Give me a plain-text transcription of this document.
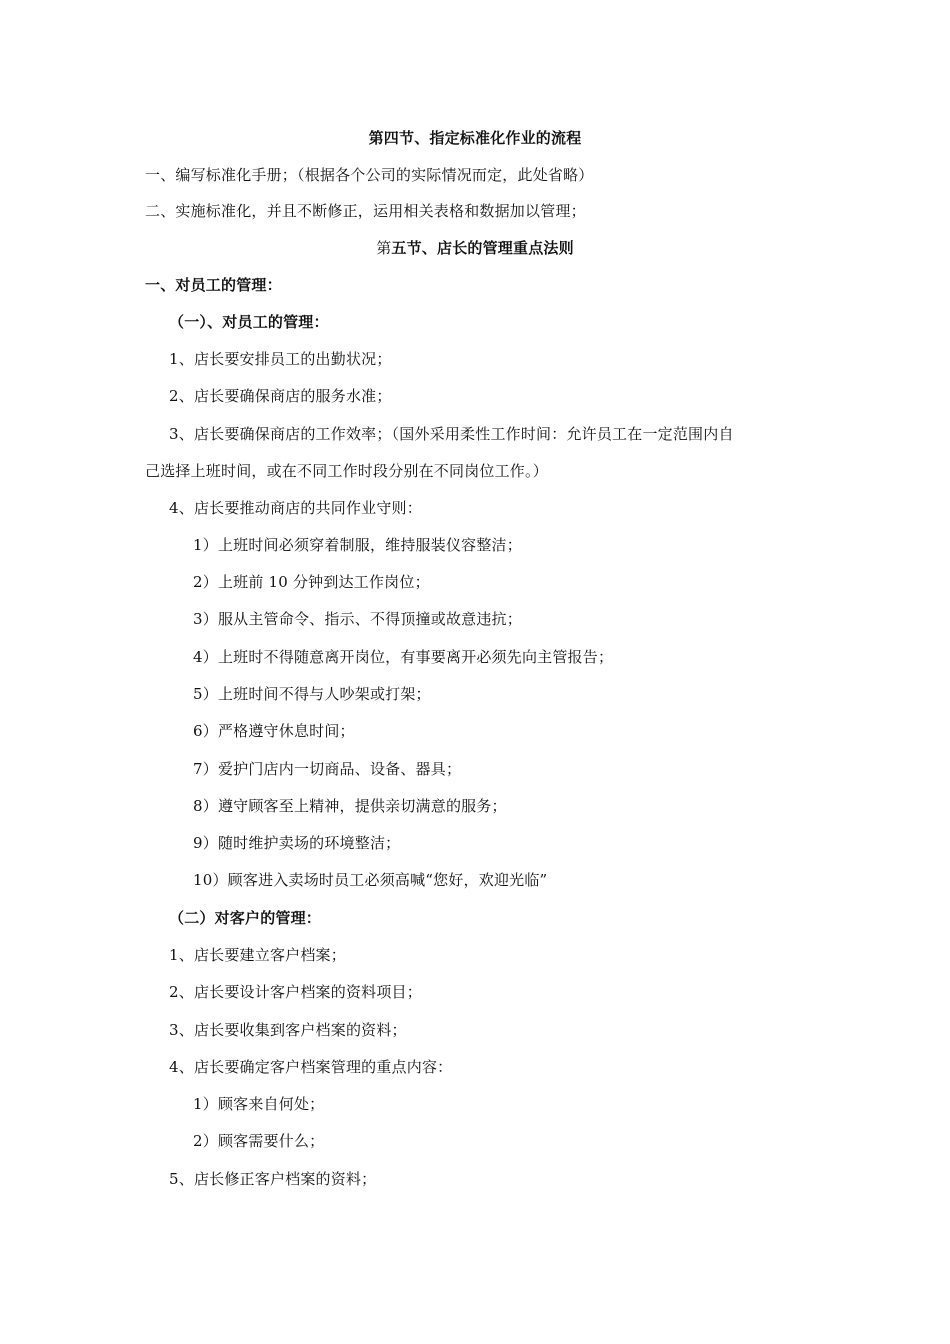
第四节、指定标准化作业的流程
一、编写标准化手册；（根据各个公司的实际情况而定，此处省略）
二、实施标准化，并且不断修正，运用相关表格和数据加以管理；
第五节、店长的管理重点法则
一、对员工的管理：
（一）、对员工的管理：
1、店长要安排员工的出勤状况；
2、店长要确保商店的服务水准；
3、店长要确保商店的工作效率；（国外采用柔性工作时间：允许员工在一定范围内自
己选择上班时间，或在不同工作时段分别在不同岗位工作。）
4、店长要推动商店的共同作业守则：
1）上班时间必须穿着制服，维持服装仪容整洁；
2）上班前 10 分钟到达工作岗位；
3）服从主管命令、指示、不得顶撞或故意违抗；
4）上班时不得随意离开岗位，有事要离开必须先向主管报告；
5）上班时间不得与人吵架或打架；
6）严格遵守休息时间；
7）爱护门店内一切商品、设备、器具；
8）遵守顾客至上精神，提供亲切满意的服务；
9）随时维护卖场的环境整洁；
10）顾客进入卖场时员工必须高喊“您好，欢迎光临”
（二）对客户的管理：
1、店长要建立客户档案；
2、店长要设计客户档案的资料项目；
3、店长要收集到客户档案的资料；
4、店长要确定客户档案管理的重点内容：
1）顾客来自何处；
2）顾客需要什么；
5、店长修正客户档案的资料；
